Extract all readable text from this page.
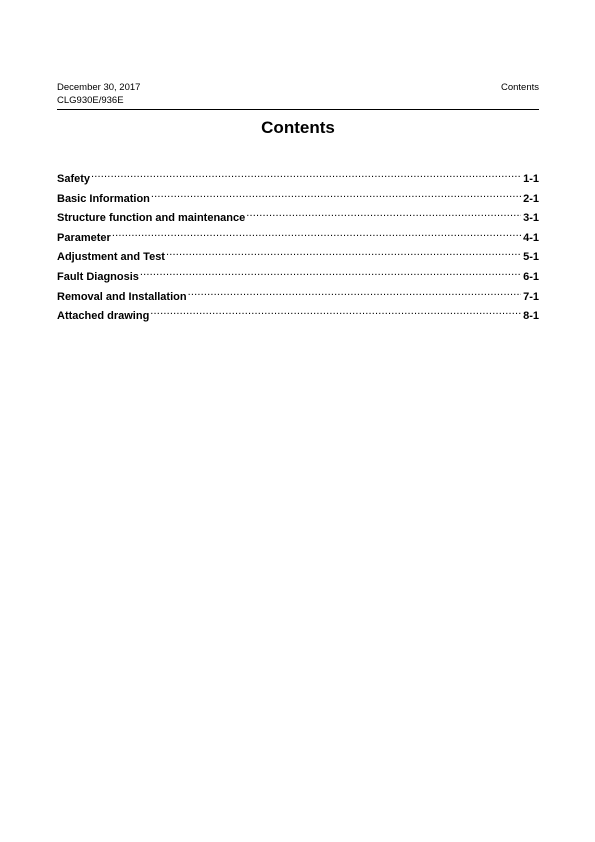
December 30, 2017
CLG930E/936E
Contents
Contents
Safety .....	1-1
Basic Information .....	2-1
Structure function and maintenance .....	3-1
Parameter .....	4-1
Adjustment and Test .....	5-1
Fault Diagnosis .....	6-1
Removal and Installation .....	7-1
Attached drawing .....	8-1
